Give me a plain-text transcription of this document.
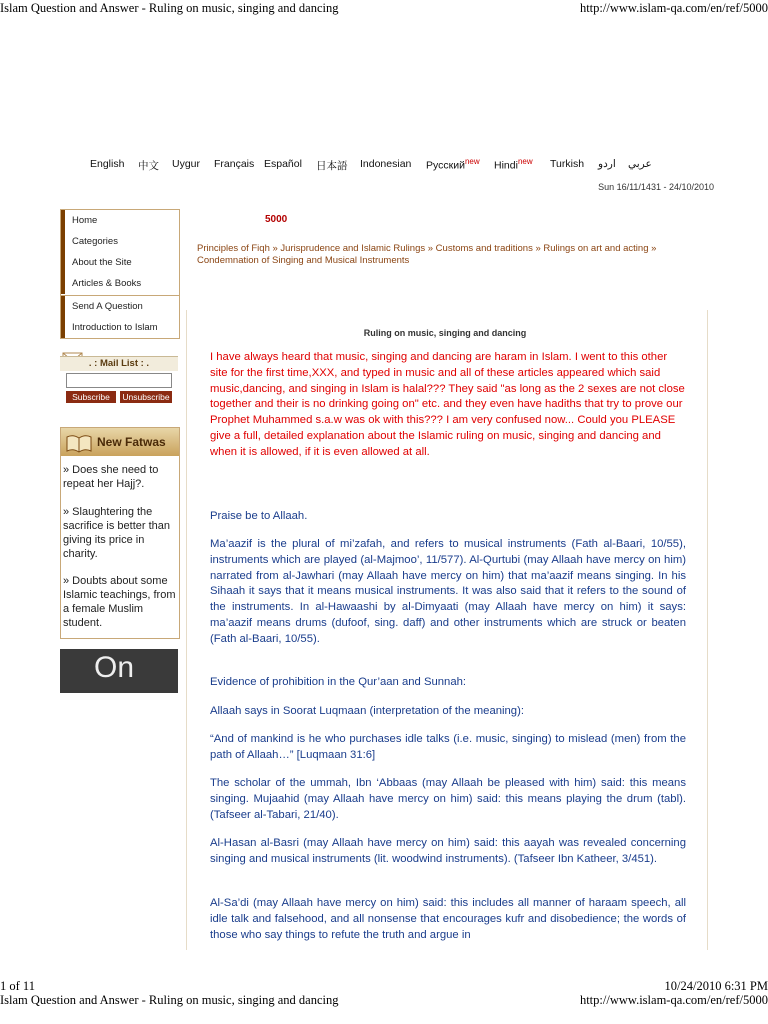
Islam Question and Answer - Ruling on music, singing and dancing	http://www.islam-qa.com/en/ref/5000
English 中文 Uygur Français Español 日本語 Indonesian Русский$^{new}$ Hindi$^{new}$ Turkish اردو عربي
Sun 16/11/1431 - 24/10/2010
Home
Categories
About the Site
Articles & Books
Send A Question
Introduction to Islam
. : Mail List : .
Subscribe	Unsubscribe
New Fatwas
» Does she need to repeat her Hajj?.
» Slaughtering the sacrifice is better than giving its price in charity.
» Doubts about some Islamic teachings, from a female Muslim student.
On
5000
Principles of Fiqh » Jurisprudence and Islamic Rulings » Customs and traditions » Rulings on art and acting » Condemnation of Singing and Musical Instruments
Ruling on music, singing and dancing
I have always heard that music, singing and dancing are haram in Islam. I went to this other site for the first time,XXX, and typed in music and all of these articles appeared which said music,dancing, and singing in Islam is halal??? They said "as long as the 2 sexes are not close together and their is no drinking going on" etc. and they even have hadiths that try to prove our Prophet Muhammed s.a.w was ok with this??? I am very confused now... Could you PLEASE give a full, detailed explanation about the Islamic ruling on music, singing and dancing and when it is allowed, if it is even allowed at all.
Praise be to Allaah.
Ma’aazif is the plural of mi’zafah, and refers to musical instruments (Fath al-Baari, 10/55), instruments which are played (al-Majmoo’, 11/577). Al-Qurtubi (may Allaah have mercy on him) narrated from al-Jawhari (may Allaah have mercy on him) that ma’aazif means singing. In his Sihaah it says that it means musical instruments. It was also said that it refers to the sound of the instruments. In al-Hawaashi by al-Dimyaati (may Allaah have mercy on him) it says: ma’aazif means drums (dufoof, sing. daff) and other instruments which are struck or beaten (Fath al-Baari, 10/55).
Evidence of prohibition in the Qur’aan and Sunnah:
Allaah says in Soorat Luqmaan (interpretation of the meaning):
“And of mankind is he who purchases idle talks (i.e. music, singing) to mislead (men) from the path of Allaah…” [Luqmaan 31:6]
The scholar of the ummah, Ibn ‘Abbaas (may Allaah be pleased with him) said: this means singing. Mujaahid (may Allaah have mercy on him) said: this means playing the drum (tabl). (Tafseer al-Tabari, 21/40).
Al-Hasan al-Basri (may Allaah have mercy on him) said: this aayah was revealed concerning singing and musical instruments (lit. woodwind instruments). (Tafseer Ibn Katheer, 3/451).
Al-Sa’di (may Allaah have mercy on him) said: this includes all manner of haraam speech, all idle talk and falsehood, and all nonsense that encourages kufr and disobedience; the words of those who say things to refute the truth and argue in
1 of 11	10/24/2010 6:31 PM
Islam Question and Answer - Ruling on music, singing and dancing	http://www.islam-qa.com/en/ref/5000
